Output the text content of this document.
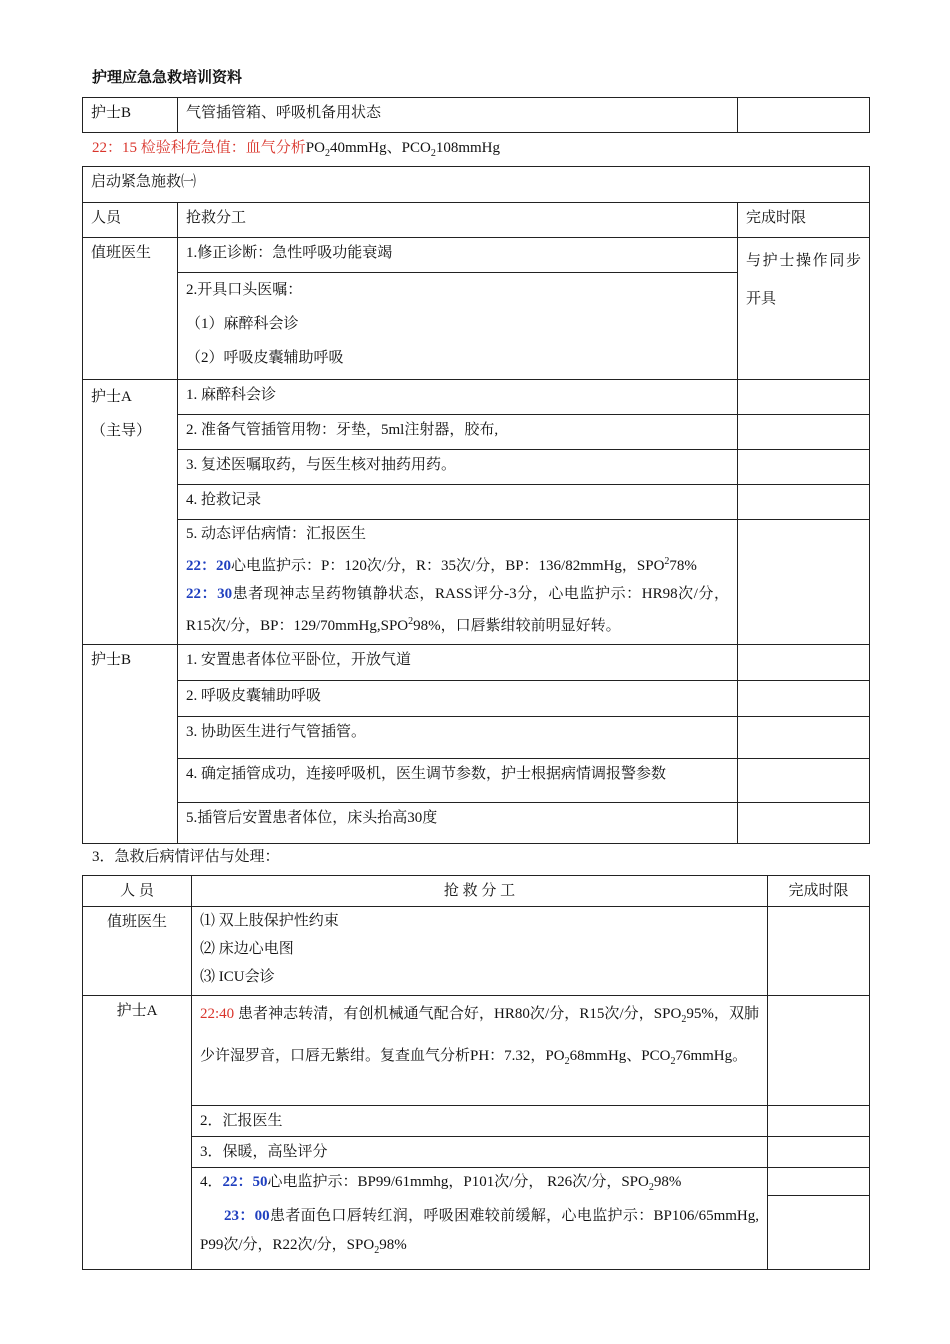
护理应急急救培训资料
护士B	气管插管箱、呼吸机备用状态	
22：15 检验科危急值：血气分析$PO_240mmHg$、$PCO_2108mmHg$
启动紧急施救㈠		
人员	抢救分工	完成时限
值班医生	1.修正诊断：急性呼吸功能衰竭	与护士操作同步开具

	2.开具口头医嘱：
（1）麻醉科会诊
（2）呼吸皮囊辅助呼吸	

护士A
（主导）	1. 麻醉科会诊	
	2. 准备气管插管用物：牙垫，5ml注射器，胶布,	
	3. 复述医嘱取药，与医生核对抽药用药。	
	4. 抢救记录	

	5. 动态评估病情：汇报医生
22：20心电监护示：P：120次/分，R：35次/分，BP：136/82mmHg，SPO$^2$78%
22：30患者现神志呈药物镇静状态，RASS评分-3分，心电监护示：HR98次/分，R15次/分，BP：129/70mmHg,SPO$^2$98%，口唇紫绀较前明显好转。	

护士B	1. 安置患者体位平卧位，开放气道	
	2. 呼吸皮囊辅助呼吸	
	3. 协助医生进行气管插管。	
	4. 确定插管成功，连接呼吸机，医生调节参数，护士根据病情调报警参数	
	5.插管后安置患者体位，床头抬高30度	
3．急救后病情评估与处理：
人 员	抢 救 分 工	完成时限
值班医生	⑴ 双上肢保护性约束
⑵ 床边心电图
⑶ ICU会诊	

护士A	22:40 患者神志转清，有创机械通气配合好，HR80次/分，R15次/分，$SPO_295\%$，双肺少许湿罗音，口唇无紫绀。复查血气分析PH：7.32，$PO_268mmHg$、$PCO_276mmHg$。	
	2．汇报医生	
	3．保暖，高坠评分	

	4．22：50心电监护示：BP99/61mmhg，P101次/分， R26次/分，$SPO_298\%$
23：00患者面色口唇转红润，呼吸困难较前缓解，心电监护示：BP106/65mmHg, P99次/分，R22次/分，$SPO_298\%$	
